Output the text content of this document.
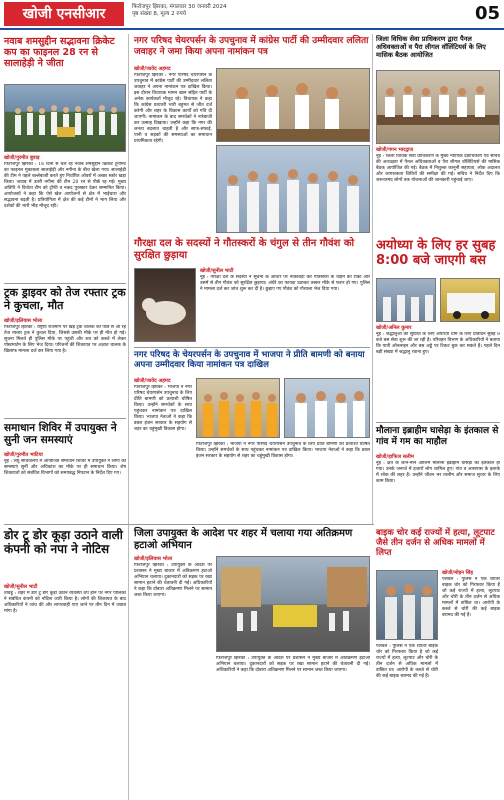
खोजी एनसीआर	फिरोजपुर झिरका, मंगलवार 30 जनवरी 2024
पृष्ठ संख्या 8, मूल्य 2 रुपये	05
नवाब शमसुद्दीन सद्भावना क्रिकेट कप का फाइनल 28 रन से सालाहेड़ी ने जीता
खोजी/गुरमीत बुवाड़

फिरोजपुर झिरका : 16 दिनों से चल रहे नवाब शमसुद्दीन क्रिकेट टूर्नामेंट का फाइनल मुकाबला सालाहेड़ी और नगीना के बीच खेला गया। सालाहेड़ी की टीम ने पहले बल्लेबाजी करते हुए निर्धारित ओवरों में अच्छा स्कोर खड़ा किया। जवाब में उतरी नगीना की टीम 28 रन से पीछे रह गई। मुख्य अतिथि ने विजेता टीम को ट्रॉफी व नकद पुरस्कार देकर सम्मानित किया। आयोजकों ने कहा कि ऐसे खेल आयोजनों से क्षेत्र में भाईचारा और सद्भावना बढ़ती है। प्रतियोगिता में क्षेत्र की कई टीमों ने भाग लिया और दर्शकों की भारी भीड़ मौजूद रही।

ट्रक ड्राइवर को तेज रफ्तार ट्रक ने कुचला, मौत
खोजी/इलियास भोला

फिरोजपुर झिरका : राष्ट्रीय राजमार्ग पर खड़े ट्रक चालक को पीछे से आ रहे तेज रफ्तार ट्रक ने कुचल दिया, जिससे उसकी मौके पर ही मौत हो गई। सूचना मिलते ही पुलिस मौके पर पहुंची और शव को कब्जे में लेकर पोस्टमार्टम के लिए भेज दिया। परिजनों की शिकायत पर अज्ञात चालक के खिलाफ मामला दर्ज कर लिया गया है।

समाधान शिविर में उपायुक्त ने सुनी जन समस्याएं
खोजी/गुरमीत भाटिया

नूंह : लघु सचिवालय में आयोजित समाधान शिविर में उपायुक्त ने लोगों की समस्याएं सुनीं और अधिकांश का मौके पर ही समाधान किया। शेष शिकायतों को संबंधित विभागों को समयबद्ध निपटान के निर्देश दिए गए।

डोर टू डोर कूड़ा उठाने वाली कंपनी को नपा ने नोटिस
खोजी/सुनील भाटी

तावडू : शहर में डोर टू डोर कूड़ा उठान व्यवस्था ठप होने पर नगर पालिका ने संबंधित कंपनी को नोटिस जारी किया है। लोगों की शिकायत के बाद अधिकारियों ने जांच की और लापरवाही पाए जाने पर तीन दिन में जवाब मांगा है।

नगर परिषद चेयरपर्सन के उपचुनाव में कांग्रेस पार्टी की उम्मीदवार ललिता जवाहर ने जमा किया अपना नामांकन पत्र
खोजी/जावेद अहमद

फिरोजपुर झिरका : नगर परिषद चेयरपर्सन के उपचुनाव में कांग्रेस पार्टी की उम्मीदवार ललिता जवाहर ने अपना नामांकन पत्र दाखिल किया। इस दौरान विधायक मामन खान सहित पार्टी के अनेक कार्यकर्ता मौजूद रहे। विधायक ने कहा कि कांग्रेस प्रत्याशी भारी बहुमत से जीत दर्ज करेगी और शहर के विकास कार्यों को गति दी जाएगी। नामांकन के बाद समर्थकों ने नारेबाजी कर उत्साह दिखाया। उन्होंने कहा कि नगर की जनता बदलाव चाहती है और साफ-सफाई, पानी व सड़कों की समस्याओं का समाधान प्राथमिकता रहेगी।

गौरक्षा दल के सदस्यों ने गौतस्करों के चंगुल से तीन गौवंश को सुरक्षित छुड़ाया
खोजी/सुनील भाटी

नूंह : गौरक्षा दल के सदस्यों ने सूचना के आधार पर नाकाबंदी कर गौतस्करों के वाहन को रोका और उसमें से तीन गौवंश को सुरक्षित छुड़ाया। अंधेरे का फायदा उठाकर तस्कर मौके से फरार हो गए। पुलिस ने मामला दर्ज कर जांच शुरू कर दी है। छुड़ाए गए गौवंश को गौशाला भेज दिया गया।

नगर परिषद के चेयरपर्सन के उपचुनाव में भाजपा ने प्रीति बामणी को बनाया अपना उम्मीदवार किया नामांकन पत्र दाखिल
खोजी/जावेद अहमद

फिरोजपुर झिरका : भाजपा ने नगर परिषद चेयरपर्सन उपचुनाव के लिए प्रीति बामणी को प्रत्याशी घोषित किया। उन्होंने समर्थकों के साथ पहुंचकर नामांकन पत्र दाखिल किया। भाजपा नेताओं ने कहा कि डबल इंजन सरकार के सहयोग से शहर का चहुंमुखी विकास होगा।

फिरोजपुर झिरका : भाजपा ने नगर परिषद चेयरपर्सन उपचुनाव के लिए प्रीति बामणी को प्रत्याशी घोषित किया। उन्होंने समर्थकों के साथ पहुंचकर नामांकन पत्र दाखिल किया। भाजपा नेताओं ने कहा कि डबल इंजन सरकार के सहयोग से शहर का चहुंमुखी विकास होगा।

जिला उपायुक्त के आदेश पर शहर में चलाया गया अतिक्रमण हटाओ अभियान
खोजी/इलियास भोला

फिरोजपुर झिरका : उपायुक्त के आदेश पर प्रशासन ने मुख्य बाजार में अतिक्रमण हटाओ अभियान चलाया। दुकानदारों को सड़क पर रखा सामान हटाने की चेतावनी दी गई। अधिकारियों ने कहा कि दोबारा अतिक्रमण मिलने पर सामान जब्त किया जाएगा।

फिरोजपुर झिरका : उपायुक्त के आदेश पर प्रशासन ने मुख्य बाजार में अतिक्रमण हटाओ अभियान चलाया। दुकानदारों को सड़क पर रखा सामान हटाने की चेतावनी दी गई। अधिकारियों ने कहा कि दोबारा अतिक्रमण मिलने पर सामान जब्त किया जाएगा।

जिला विधिक सेवा प्राधिकरण द्वारा पैनल अधिवक्ताओं व पैरा लीगल वॉलिंटियर्स के लिए मासिक बैठक आयोजित
खोजी/गगन भारद्वाज

नूंह : जिला विधिक सेवा प्राधिकरण के मुख्य न्यायिक दंडाधिकारी एवं सचिव की अध्यक्षता में पैनल अधिवक्ताओं व पैरा लीगल वॉलिंटियर्स की मासिक बैठक आयोजित की गई। बैठक में निशुल्क कानूनी सहायता, लोक अदालत और जागरूकता शिविरों की समीक्षा की गई। सचिव ने निर्देश दिए कि जरूरतमंद लोगों तक योजनाओं की जानकारी पहुंचाई जाए।

अयोध्या के लिए हर सुबह 8:00 बजे जाएगी बस
खोजी/अनिल कुमार

नूंह : श्रद्धालुओं की सुविधा के लिए अयोध्या धाम के लिए प्रतिदिन सुबह 8 बजे बस सेवा शुरू की जा रही है। परिवहन विभाग के अधिकारियों ने बताया कि यात्री ऑनलाइन और बस अड्डे पर टिकट बुक कर सकते हैं। पहले दिन बड़ी संख्या में श्रद्धालु रवाना हुए।

मौलाना इब्राहीम घासेड़ा के इंतकाल से गांव में गम का माहौल
खोजी/हाफिज सलीम

नूंह : क्षेत्र के जाने-माने आलिम मौलाना इब्राहीम घासेड़ा का इंतकाल हो गया। उनके जनाजे में हजारों लोग शामिल हुए। गांव व आसपास के इलाके में शोक की लहर है। उन्होंने जीवन भर तालीम और समाज सुधार के लिए काम किया।

बाइक चोर कई राज्यों में हत्या, लूटपाट जैसे तीन दर्जन से अधिक मामलों में लिप्त
खोजी/मोहन सिंह

पलवल : पुलिस ने एक शातिर बाइक चोर को गिरफ्तार किया है जो कई राज्यों में हत्या, लूटपाट और चोरी के तीन दर्जन से अधिक मामलों में वांछित था। आरोपी के कब्जे से चोरी की कई बाइक बरामद की गई हैं।

पलवल : पुलिस ने एक शातिर बाइक चोर को गिरफ्तार किया है जो कई राज्यों में हत्या, लूटपाट और चोरी के तीन दर्जन से अधिक मामलों में वांछित था। आरोपी के कब्जे से चोरी की कई बाइक बरामद की गई हैं।
